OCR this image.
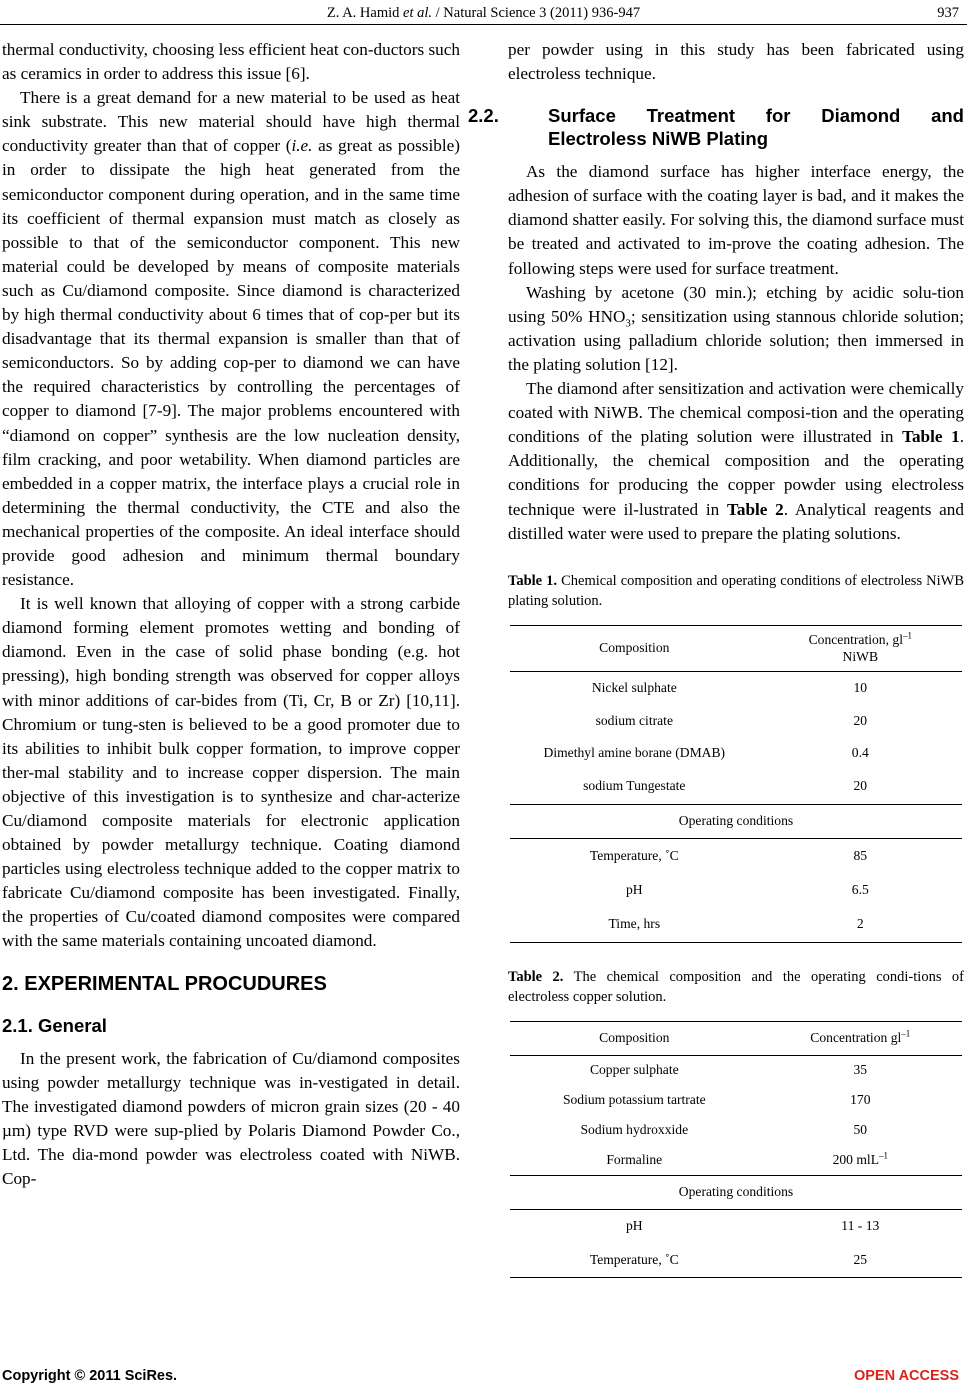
Z. A. Hamid et al. / Natural Science 3 (2011) 936-947	937

thermal conductivity, choosing less efficient heat con-ductors such as ceramics in order to address this issue [6].

There is a great demand for a new material to be used as heat sink substrate. This new material should have high thermal conductivity greater than that of copper (i.e. as great as possible) in order to dissipate the high heat generated from the semiconductor component during operation, and in the same time its coefficient of thermal expansion must match as closely as possible to that of the semiconductor component. This new material could be developed by means of composite materials such as Cu/diamond composite. Since diamond is characterized by high thermal conductivity about 6 times that of cop-per but its disadvantage that its thermal expansion is smaller than that of semiconductors. So by adding cop-per to diamond we can have the required characteristics by controlling the percentages of copper to diamond [7-9]. The major problems encountered with “diamond on copper” synthesis are the low nucleation density, film cracking, and poor wetability. When diamond particles are embedded in a copper matrix, the interface plays a crucial role in determining the thermal conductivity, the CTE and also the mechanical properties of the composite. An ideal interface should provide good adhesion and minimum thermal boundary resistance.

It is well known that alloying of copper with a strong carbide diamond forming element promotes wetting and bonding of diamond. Even in the case of solid phase bonding (e.g. hot pressing), high bonding strength was observed for copper alloys with minor additions of car-bides from (Ti, Cr, B or Zr) [10,11]. Chromium or tung-sten is believed to be a good promoter due to its abilities to inhibit bulk copper formation, to improve copper ther-mal stability and to increase copper dispersion. The main objective of this investigation is to synthesize and char-acterize Cu/diamond composite materials for electronic application obtained by powder metallurgy technique. Coating diamond particles using electroless technique added to the copper matrix to fabricate Cu/diamond composite has been investigated. Finally, the properties of Cu/coated diamond composites were compared with the same materials containing uncoated diamond.

2. EXPERIMENTAL PROCUDURES
2.1. General

In the present work, the fabrication of Cu/diamond composites using powder metallurgy technique was in-vestigated in detail. The investigated diamond powders of micron grain sizes (20 - 40 µm) type RVD were sup-plied by Polaris Diamond Powder Co., Ltd. The dia-mond powder was electroless coated with NiWB. Cop-

per powder using in this study has been fabricated using electroless technique.

2.2.	Surface Treatment for Diamond and Electroless NiWB Plating

As the diamond surface has higher interface energy, the adhesion of surface with the coating layer is bad, and it makes the diamond shatter easily. For solving this, the diamond surface must be treated and activated to im-prove the coating adhesion. The following steps were used for surface treatment.

Washing by acetone (30 min.); etching by acidic solu-tion using 50% $HNO_3$; sensitization using stannous chloride solution; activation using palladium chloride solution; then immersed in the plating solution [12].

The diamond after sensitization and activation were chemically coated with NiWB. The chemical composi-tion and the operating conditions of the plating solution were illustrated in Table 1. Additionally, the chemical composition and the operating conditions for producing the copper powder using electroless technique were il-lustrated in Table 2. Analytical reagents and distilled water were used to prepare the plating solutions.

Table 1. Chemical composition and operating conditions of electroless NiWB plating solution.
Composition	Concentration, $gl^{-1}$
NiWB
Nickel sulphate	10
sodium citrate	20
Dimethyl amine borane (DMAB)	0.4
sodium Tungestate	20
Operating conditions	
Temperature, ˚C	85
pH	6.5
Time, hrs	2
Table 2. The chemical composition and the operating condi-tions of electroless copper solution.
Composition	Concentration $gl^{-1}$
Copper sulphate	35
Sodium potassium tartrate	170
Sodium hydroxxide	50
Formaline	200 mlL$^{-1}$
Operating conditions	
pH	11 - 13
Temperature, ˚C	25
Copyright © 2011 SciRes.	OPEN ACCESS
